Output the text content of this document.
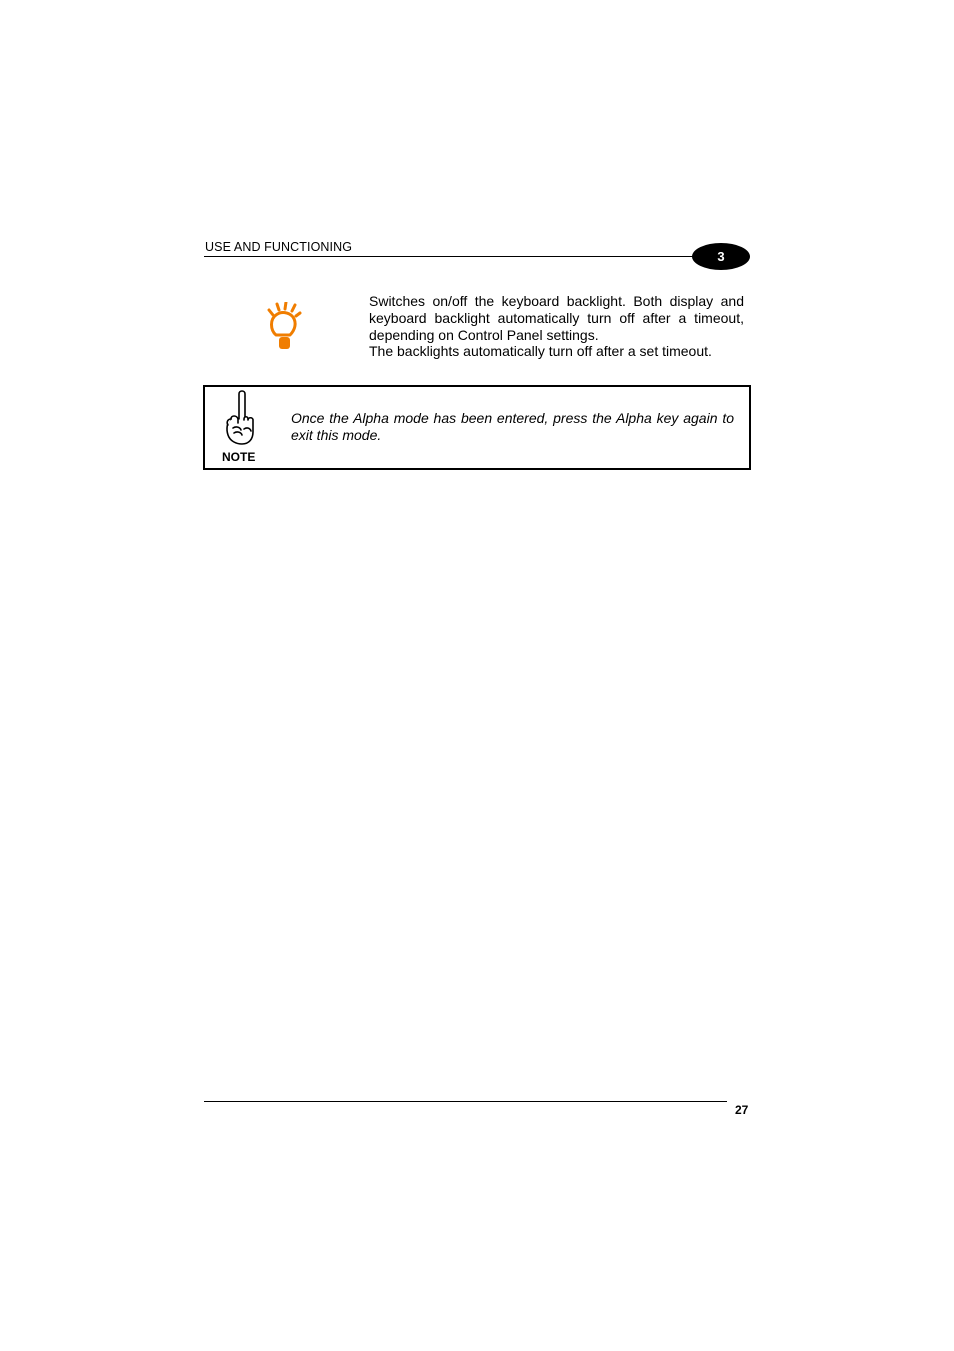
USE AND FUNCTIONING
3

Switches on/off the keyboard backlight. Both display and keyboard backlight automatically turn off after a timeout, depending on Control Panel settings.

The backlights automatically turn off after a set timeout.

NOTE

Once the Alpha mode has been entered, press the Alpha key again to exit this mode.

27
